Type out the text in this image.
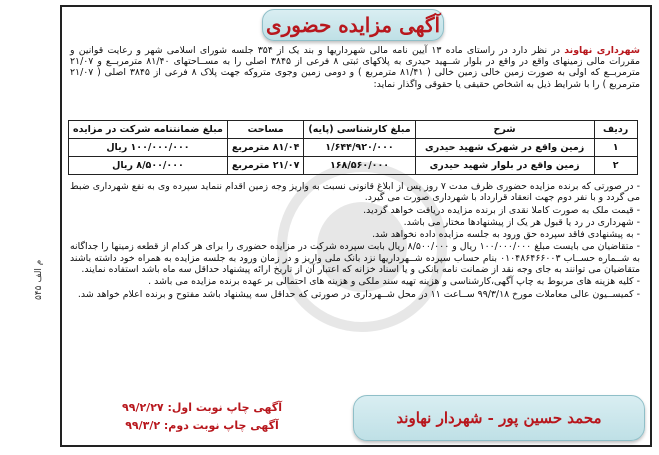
آگهی مزایده حضوری
شهرداری نهاوند در نظر دارد در راستای ماده ۱۳ آیین نامه مالی شهرداریها و بند یک از ۳۵۴ جلسه شورای اسلامی شهر و رعایت قوانین و مقررات مالی زمینهای واقع در واقع در بلوار شــهید حیدری به پلاکهای ثبتی ۸ فرعی از ۳۸۴۵ اصلی را به مســاحتهای ۸۱/۴۰ مترمربــع و ۲۱/۰۷ مترمربــع که اولی به صورت زمین خالی زمین خالی ( ۸۱/۴۱ مترمربع ) و دومی زمین وجوی متروکه جهت پلاک ۸ فرعی از ۳۸۴۵ اصلی ( ۲۱/۰۷ مترمربع ) را با شرایط ذیل به اشخاص حقیقی یا حقوقی واگذار نماید:
ردیف	شرح	مبلغ کارشناسی (پایه)	مساحت	مبلغ ضمانتنامه شرکت در مزایده
۱	زمین واقع در شهرک شهید حیدری	۱/۶۴۴/۹۲۰/۰۰۰	۸۱/۰۴ مترمربع	۱۰۰/۰۰۰/۰۰۰ ریال
۲	زمین واقع در بلوار شهید حیدری	۱۶۸/۵۶۰/۰۰۰	۲۱/۰۷ مترمربع	۸/۵۰۰/۰۰۰ ریال

- در صورتی که برنده مزایده حضوری ظرف مدت ۷ روز پس از ابلاغ قانونی نسبت به واریز وجه زمین اقدام ننماید سپرده وی به نفع شهرداری ضبط می گردد و با نفر دوم جهت انعقاد قرارداد با شهرداری صورت می گیرد.

- قیمت ملک به صورت کاملا نقدی از برنده مزایده دریافت خواهد گردید.

- شهرداری در رد یا قبول هر یک از پیشنهادها مختار می باشد.

- به پیشنهادی فاقد سپرده حق ورود به جلسه مزایده داده نخواهد شد.

- متقاضیان می بایست مبلغ ۱۰۰/۰۰۰/۰۰۰ ریال و ۸/۵۰۰/۰۰۰ ریال بابت سپرده شرکت در مزایده حضوری را برای هر کدام از قطعه زمینها را جداگانه به شــماره حســاب ۰۱۰۴۸۶۴۶۶۰۰۳ بنام حساب سپرده شــهرداریها نزد بانک ملی واریز و در زمان ورود به جلسه مزایده به همراه خود داشته باشند متقاضیان می توانند به جای وجه نقد از ضمانت نامه بانکی و یا اسناد خزانه که اعتبار آن از تاریخ ارائه پیشنهاد حداقل سه ماه باشد استفاده نمایند.

- کلیه هزینه های مربوط به چاپ آگهی،کارشناسی و هزینه تهیه سند ملکی و هزینه های احتمالی بر عهده برنده مزایده می باشد .

- کمیســیون عالی معاملات مورخ ۹۹/۳/۱۸ ســاعت ۱۱ در محل شــهرداری در صورتی که حداقل سه پیشنهاد باشد مفتوح و برنده اعلام خواهد شد.

آگهی چاپ نوبت اول: ۹۹/۲/۲۷
آگهی چاپ نوبت دوم: ۹۹/۳/۲	محمد حسین پور - شهردار نهاوند
م الف ۵۴۵
